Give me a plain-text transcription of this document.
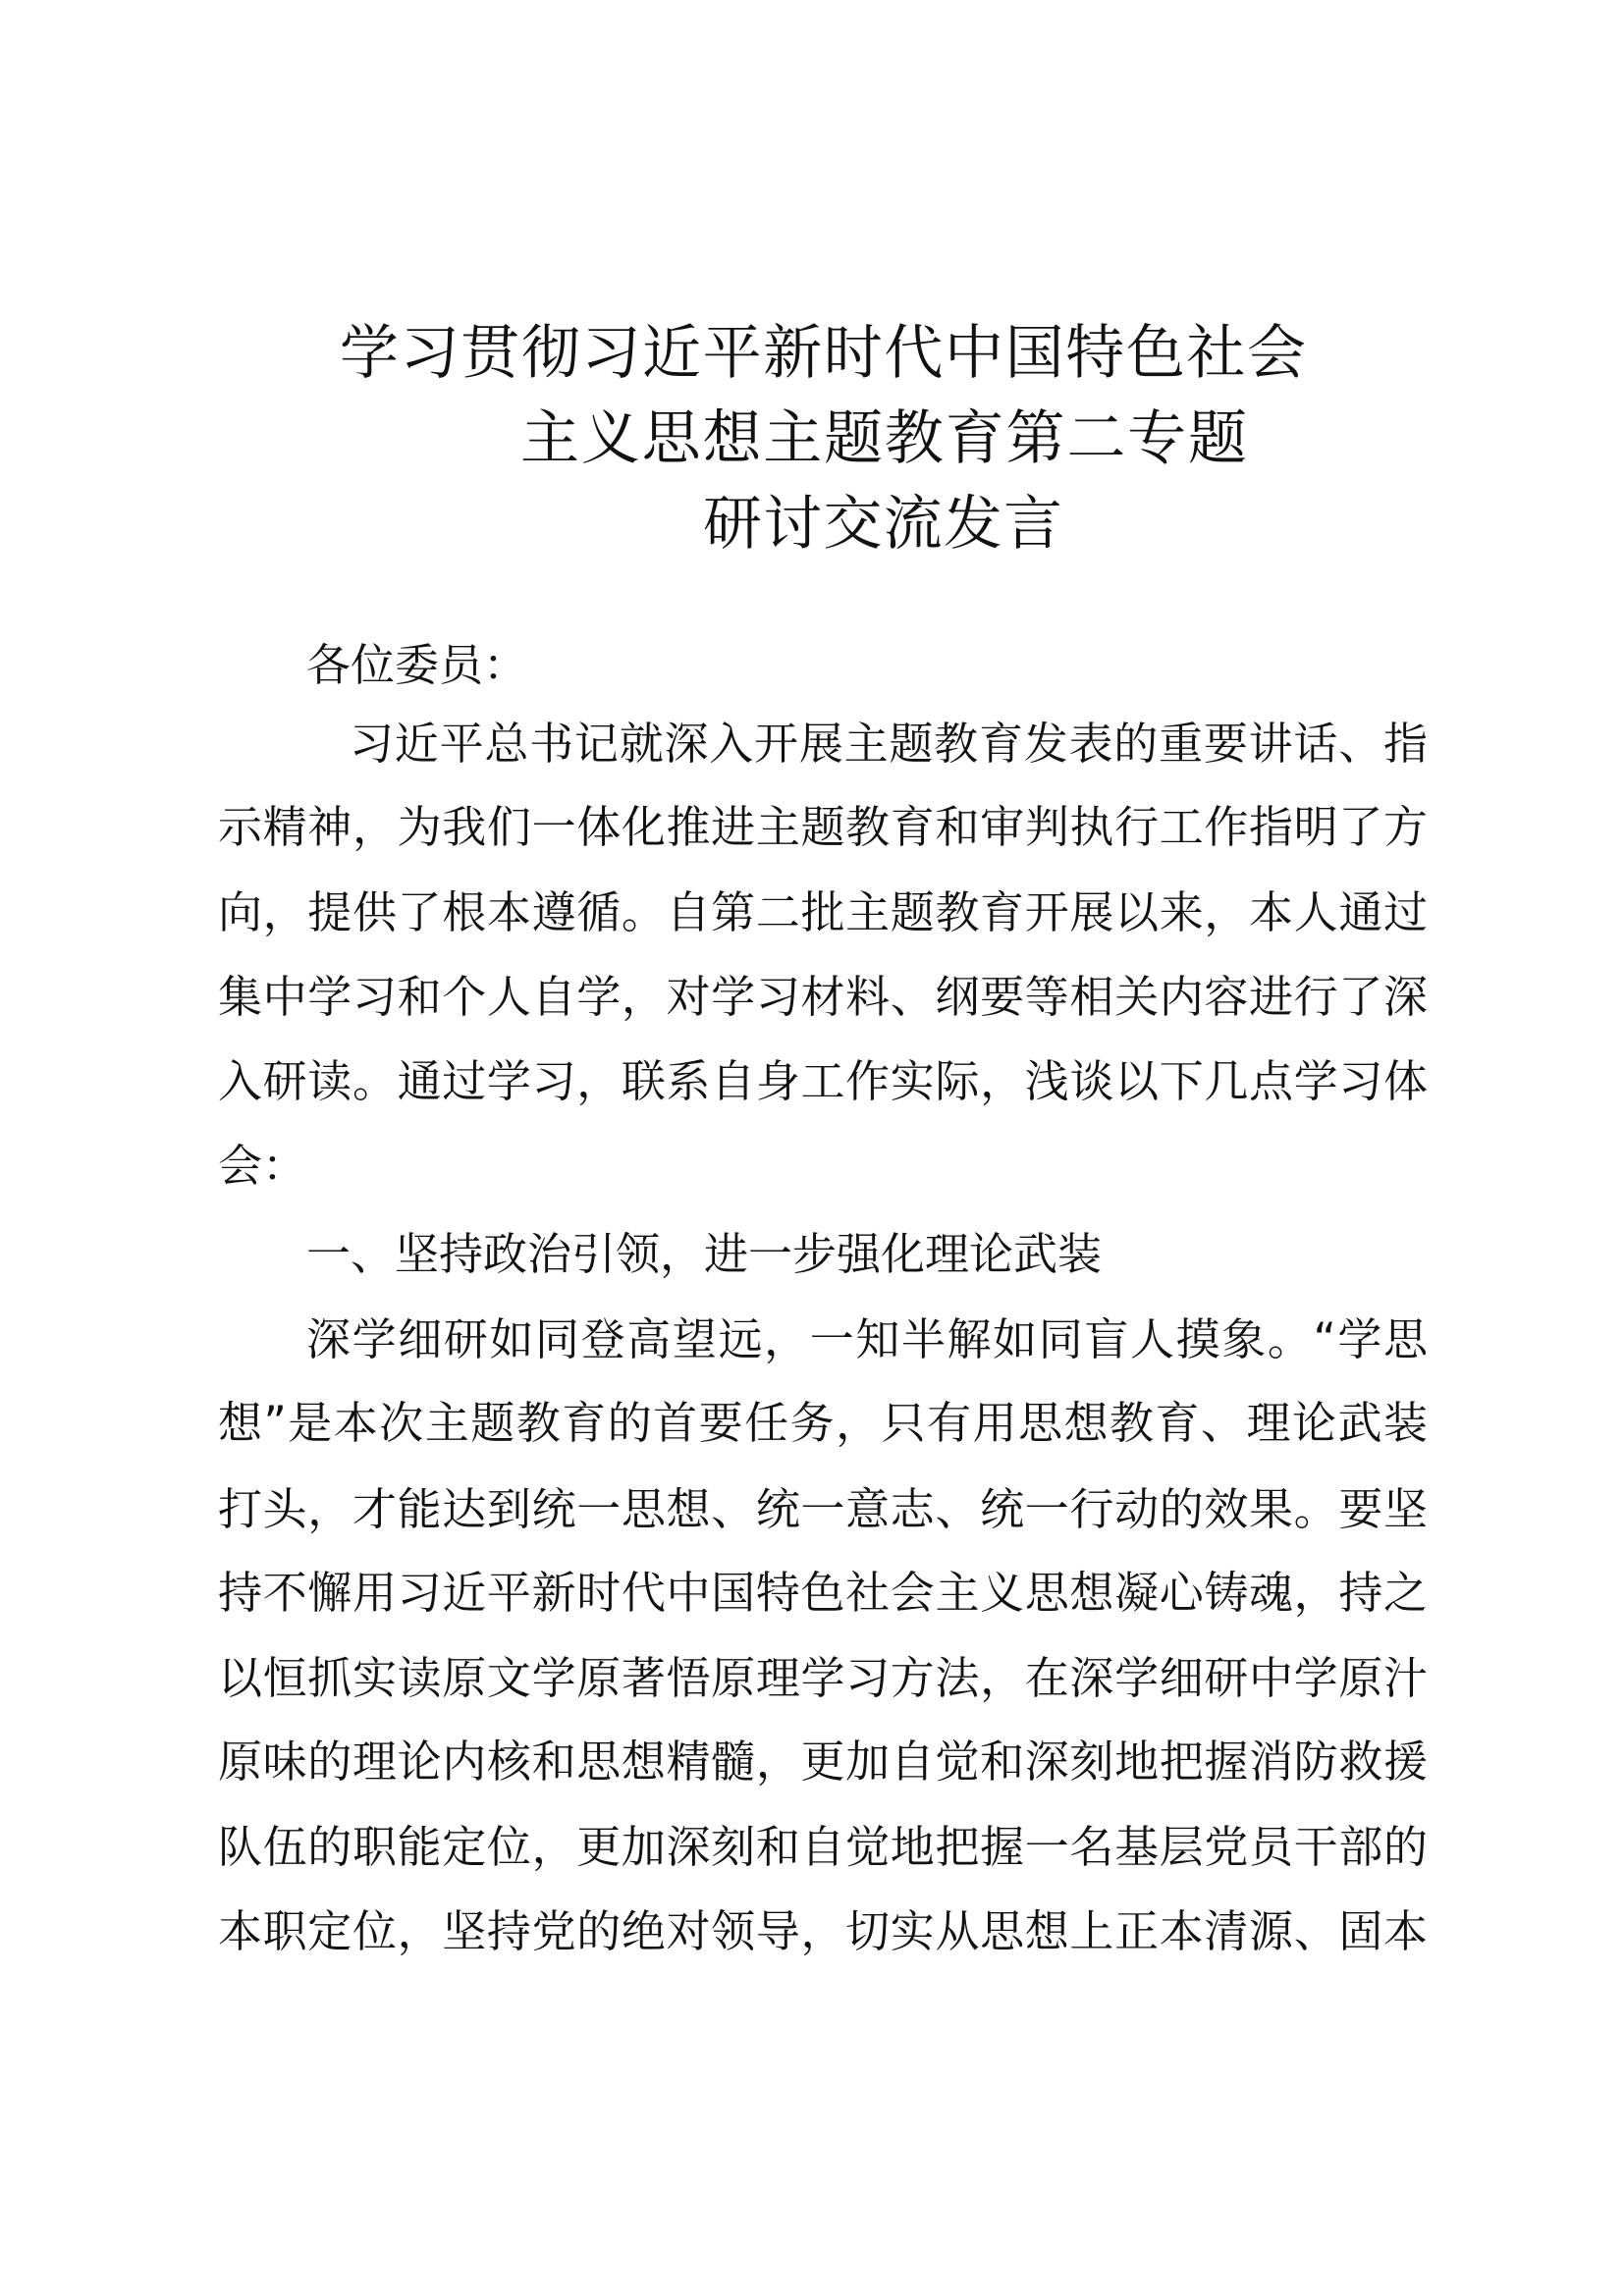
学习贯彻习近平新时代中国特色社会
主义思想主题教育第二专题
研讨交流发言
各位委员：
习近平总书记就深入开展主题教育发表的重要讲话、指
示精神，为我们一体化推进主题教育和审判执行工作指明了方
向，提供了根本遵循。自第二批主题教育开展以来，本人通过
集中学习和个人自学，对学习材料、纲要等相关内容进行了深
入研读。通过学习，联系自身工作实际，浅谈以下几点学习体
会：
一、坚持政治引领，进一步强化理论武装
深学细研如同登高望远，一知半解如同盲人摸象。“学思
想”是本次主题教育的首要任务，只有用思想教育、理论武装
打头，才能达到统一思想、统一意志、统一行动的效果。要坚
持不懈用习近平新时代中国特色社会主义思想凝心铸魂，持之
以恒抓实读原文学原著悟原理学习方法，在深学细研中学原汁
原味的理论内核和思想精髓，更加自觉和深刻地把握消防救援
队伍的职能定位，更加深刻和自觉地把握一名基层党员干部的
本职定位，坚持党的绝对领导，切实从思想上正本清源、固本
